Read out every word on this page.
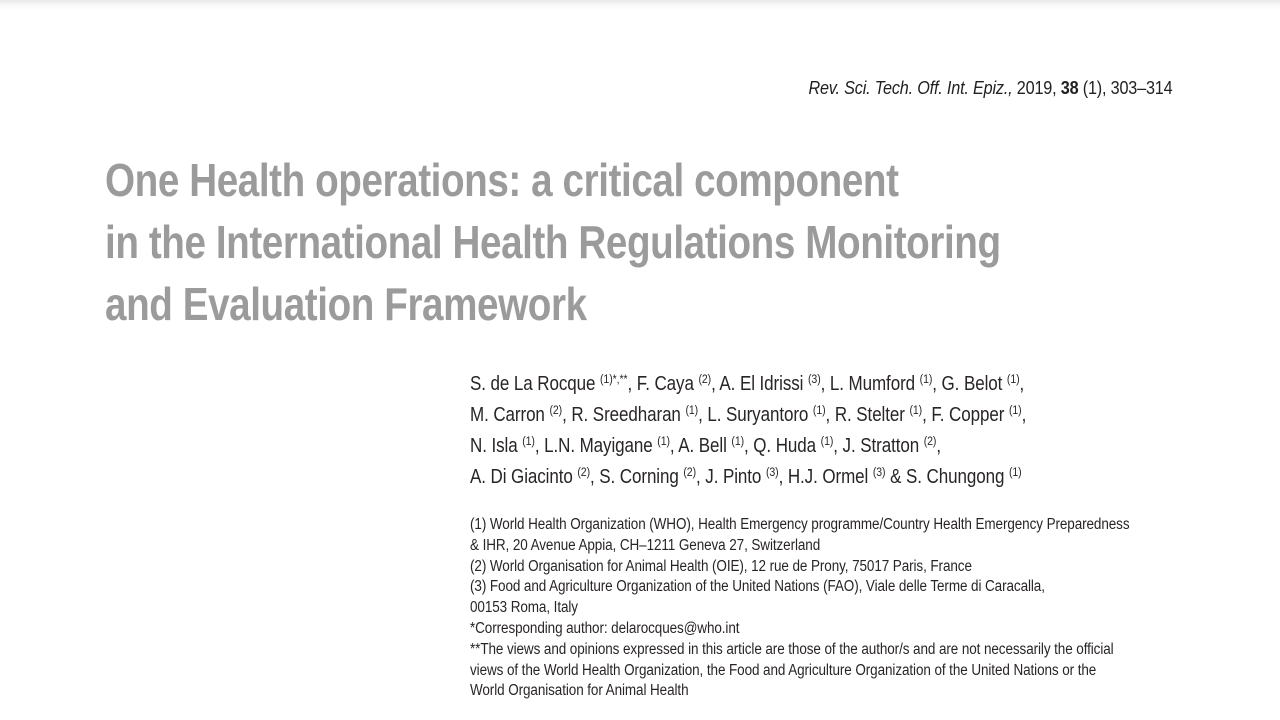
Rev. Sci. Tech. Off. Int. Epiz., 2019, 38 (1), 303–314
One Health operations: a critical component
in the International Health Regulations Monitoring
and Evaluation Framework
S. de La Rocque $^{(1)*,**}$, F. Caya $^{(2)}$, A. El Idrissi $^{(3)}$, L. Mumford $^{(1)}$, G. Belot $^{(1)}$,
M. Carron $^{(2)}$, R. Sreedharan $^{(1)}$, L. Suryantoro $^{(1)}$, R. Stelter $^{(1)}$, F. Copper $^{(1)}$,
N. Isla $^{(1)}$, L.N. Mayigane $^{(1)}$, A. Bell $^{(1)}$, Q. Huda $^{(1)}$, J. Stratton $^{(2)}$,
A. Di Giacinto $^{(2)}$, S. Corning $^{(2)}$, J. Pinto $^{(3)}$, H.J. Ormel $^{(3)}$ & S. Chungong $^{(1)}$
(1) World Health Organization (WHO), Health Emergency programme/Country Health Emergency Preparedness
& IHR, 20 Avenue Appia, CH–1211 Geneva 27, Switzerland
(2) World Organisation for Animal Health (OIE), 12 rue de Prony, 75017 Paris, France
(3) Food and Agriculture Organization of the United Nations (FAO), Viale delle Terme di Caracalla,
00153 Roma, Italy
*Corresponding author: delarocques@who.int
**The views and opinions expressed in this article are those of the author/s and are not necessarily the official
views of the World Health Organization, the Food and Agriculture Organization of the United Nations or the
World Organisation for Animal Health
